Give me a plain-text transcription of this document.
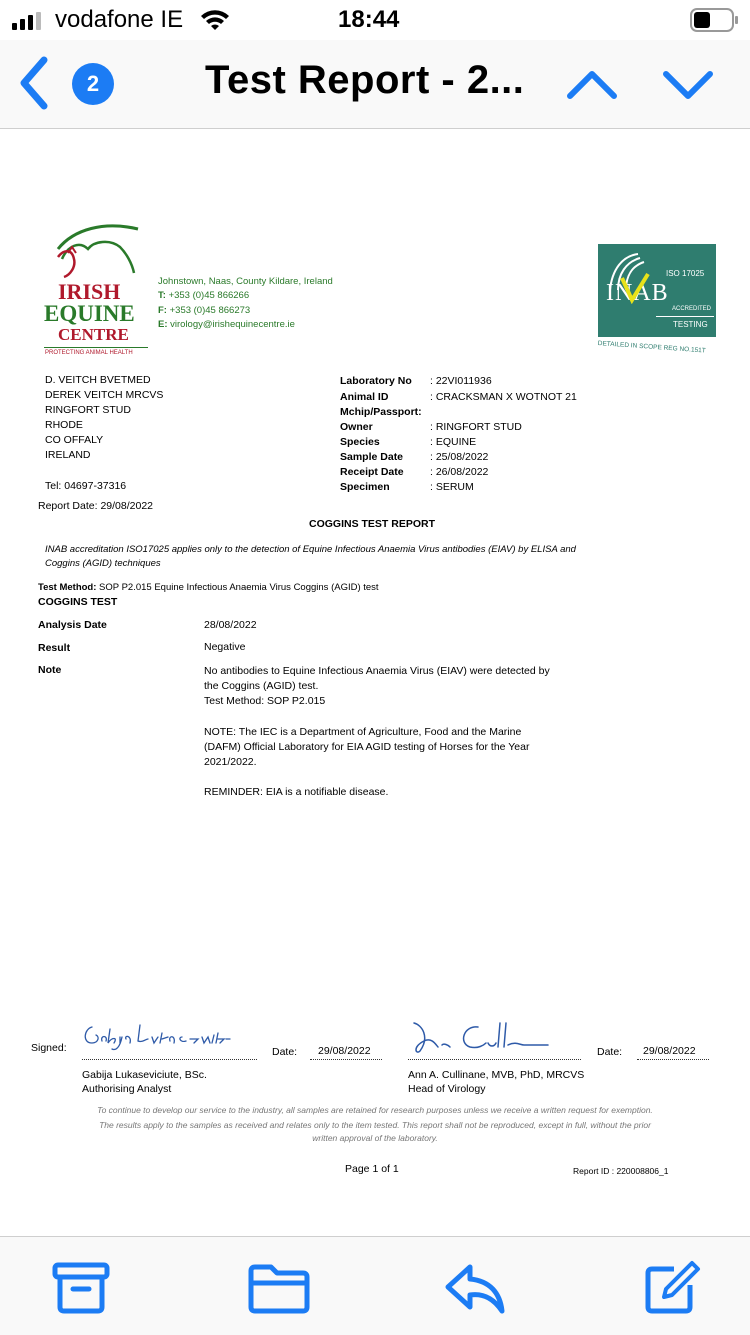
vodafone IE	18:44
2	Test Report - 2...
IRISH
EQUINE
CENTRE
PROTECTING ANIMAL HEALTH
Johnstown, Naas, County Kildare, Ireland
T: +353 (0)45 866266
F: +353 (0)45 866273
E: virology@irishequinecentre.ie
ISO 17025
INAB
ACCREDITED
TESTING
DETAILED IN SCOPE REG NO.151T
D. VEITCH BVETMED
DEREK VEITCH MRCVS
RINGFORT STUD
RHODE
CO OFFALY
IRELAND
Tel: 04697-37316
Report Date: 29/08/2022
Laboratory No : 22VI011936
Animal ID	: CRACKSMAN X WOTNOT 21
Mchip/Passport:
Owner	: RINGFORT STUD
Species	: EQUINE
Sample Date	: 25/08/2022
Receipt Date	: 26/08/2022
Specimen	: SERUM
COGGINS TEST REPORT
INAB accreditation ISO17025 applies only to the detection of Equine Infectious Anaemia Virus antibodies (EIAV) by ELISA and
Coggins (AGID) techniques
Test Method: SOP P2.015 Equine Infectious Anaemia Virus Coggins (AGID) test
COGGINS TEST
Analysis Date	28/08/2022
Result	Negative
Note	No antibodies to Equine Infectious Anaemia Virus (EIAV) were detected by
the Coggins (AGID) test.
Test Method: SOP P2.015
NOTE: The IEC is a Department of Agriculture, Food and the Marine
(DAFM) Official Laboratory for EIA AGID testing of Horses for the Year
2021/2022.
REMINDER: EIA is a notifiable disease.
Signed:	Date: 29/08/2022
Gabija Lukaseviciute, BSc.
Authorising Analyst
Date: 29/08/2022
Ann A. Cullinane, MVB, PhD, MRCVS
Head of Virology
To continue to develop our service to the industry, all samples are retained for research purposes unless we receive a written request for exemption.
The results apply to the samples as received and relates only to the item tested. This report shall not be reproduced, except in full, without the prior
written approval of the laboratory.
Page 1 of 1	Report ID : 220008806_1
